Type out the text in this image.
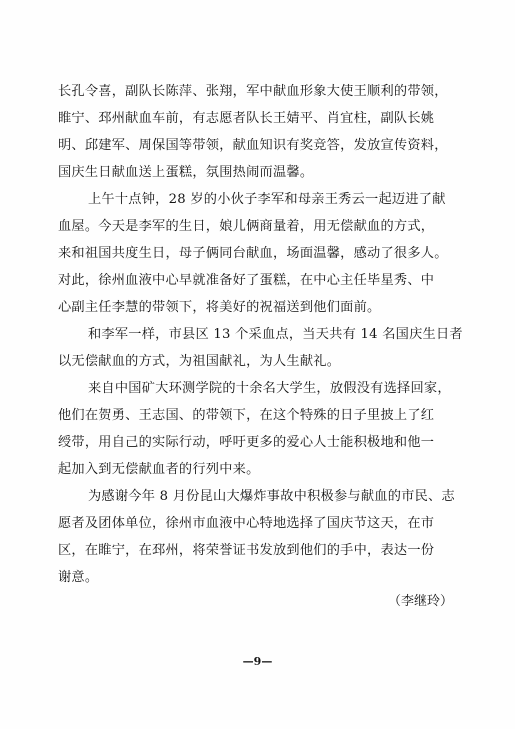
长孔令喜，副队长陈萍、张翔，军中献血形象大使王顺利的带领，
睢宁、邳州献血车前，有志愿者队长王婧平、肖宜柱，副队长姚
明、邱建军、周保国等带领，献血知识有奖竞答，发放宣传资料，
国庆生日献血送上蛋糕，氛围热闹而温馨。
上午十点钟，28 岁的小伙子李军和母亲王秀云一起迈进了献
血屋。今天是李军的生日，娘儿俩商量着，用无偿献血的方式，
来和祖国共度生日，母子俩同台献血，场面温馨，感动了很多人。
对此，徐州血液中心早就准备好了蛋糕，在中心主任毕星秀、中
心副主任李慧的带领下，将美好的祝福送到他们面前。
和李军一样，市县区 13 个采血点，当天共有 14 名国庆生日者
以无偿献血的方式，为祖国献礼，为人生献礼。
来自中国矿大环测学院的十余名大学生，放假没有选择回家，
他们在贺勇、王志国、的带领下，在这个特殊的日子里披上了红
绶带，用自己的实际行动，呼吁更多的爱心人士能积极地和他一
起加入到无偿献血者的行列中来。
为感谢今年 8 月份昆山大爆炸事故中积极参与献血的市民、志
愿者及团体单位，徐州市血液中心特地选择了国庆节这天，在市
区，在睢宁，在邳州，将荣誉证书发放到他们的手中，表达一份
谢意。
（李继玲）
—9—
